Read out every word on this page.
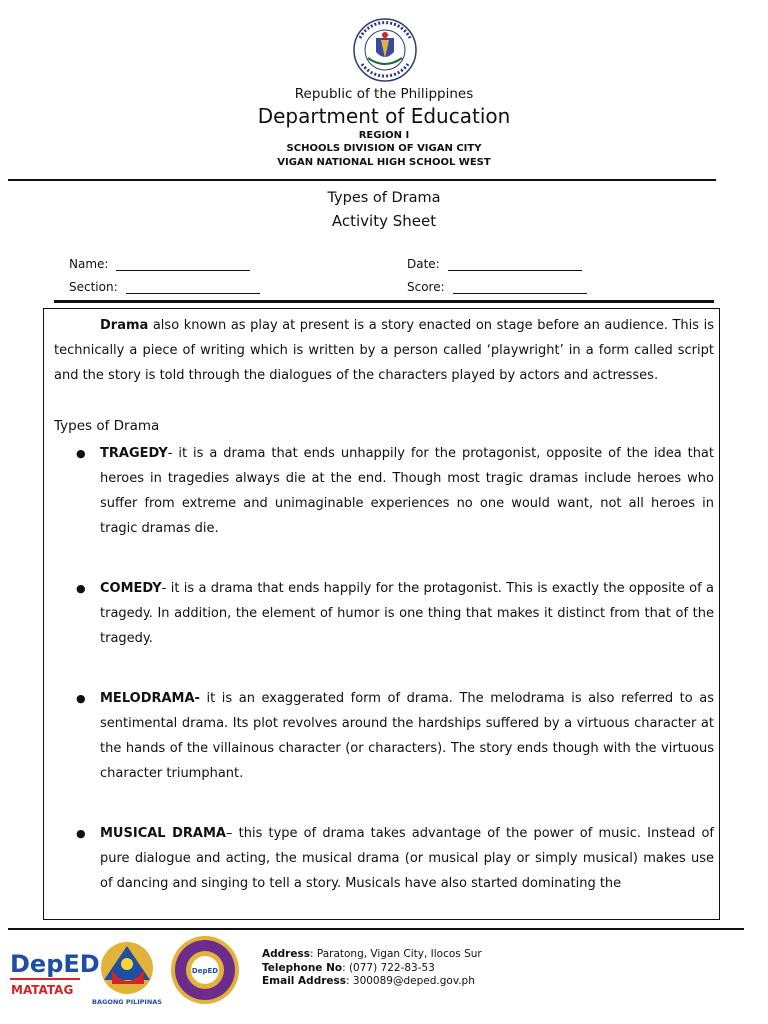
KAGAWARAN NG EDUKASYON
Republic of the Philippines
Department of Education
REGION I
SCHOOLS DIVISION OF VIGAN CITY
VIGAN NATIONAL HIGH SCHOOL WEST
Types of Drama
Activity Sheet
Name:	Date:
Section:	Score:

Drama also known as play at present is a story enacted on stage before an audience. This is technically a piece of writing which is written by a person called ‘playwright’ in a form called script and the story is told through the dialogues of the characters played by actors and actresses.

Types of Drama

● TRAGEDY- it is a drama that ends unhappily for the protagonist, opposite of the idea that heroes in tragedies always die at the end. Though most tragic dramas include heroes who suffer from extreme and unimaginable experiences no one would want, not all heroes in tragic dramas die.
● COMEDY- it is a drama that ends happily for the protagonist. This is exactly the opposite of a tragedy. In addition, the element of humor is one thing that makes it distinct from that of the tragedy.
● MELODRAMA- it is an exaggerated form of drama. The melodrama is also referred to as sentimental drama. Its plot revolves around the hardships suffered by a virtuous character at the hands of the villainous character (or characters). The story ends though with the virtuous character triumphant.
● MUSICAL DRAMA– this type of drama takes advantage of the power of music. Instead of pure dialogue and acting, the musical drama (or musical play or simply musical) makes use of dancing and singing to tell a story. Musicals have also started dominating the
DepED
MATATAG
BAGONG PILIPINAS
DepED
Address: Paratong, Vigan City, Ilocos Sur
Telephone No: (077) 722-83-53
Email Address: 300089@deped.gov.ph
